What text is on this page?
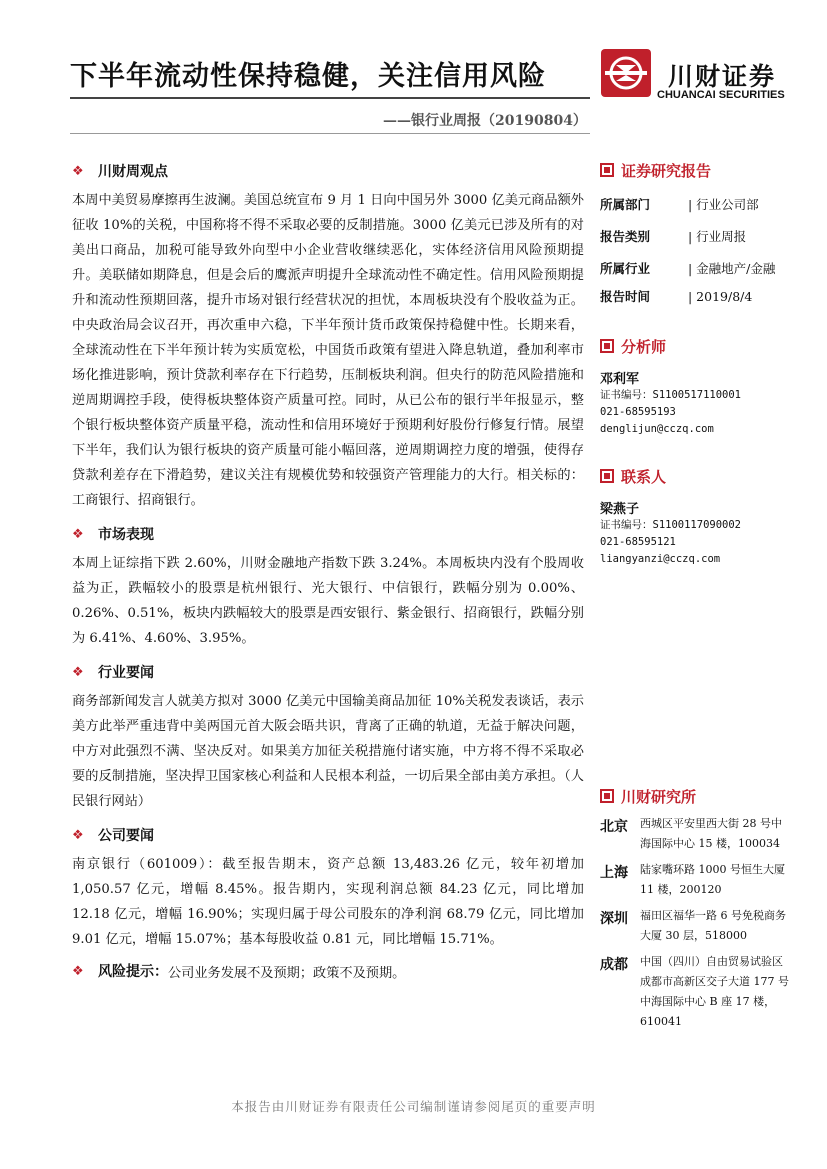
下半年流动性保持稳健，关注信用风险
——银行业周报（20190804）
川财证券
CHUANCAI SECURITIES
❖	川财周观点

本周中美贸易摩擦再生波澜。美国总统宣布 9 月 1 日向中国另外 3000 亿美元商品额外征收 10%的关税，中国称将不得不采取必要的反制措施。3000 亿美元已涉及所有的对美出口商品，加税可能导致外向型中小企业营收继续恶化，实体经济信用风险预期提升。美联储如期降息，但是会后的鹰派声明提升全球流动性不确定性。信用风险预期提升和流动性预期回落，提升市场对银行经营状况的担忧，本周板块没有个股收益为正。中央政治局会议召开，再次重申六稳，下半年预计货币政策保持稳健中性。长期来看，全球流动性在下半年预计转为实质宽松，中国货币政策有望进入降息轨道，叠加利率市场化推进影响，预计贷款利率存在下行趋势，压制板块利润。但央行的防范风险措施和逆周期调控手段，使得板块整体资产质量可控。同时，从已公布的银行半年报显示，整个银行板块整体资产质量平稳，流动性和信用环境好于预期利好股份行修复行情。展望下半年，我们认为银行板块的资产质量可能小幅回落，逆周期调控力度的增强，使得存贷款利差存在下滑趋势，建议关注有规模优势和较强资产管理能力的大行。相关标的：工商银行、招商银行。

❖	市场表现

本周上证综指下跌 2.60%，川财金融地产指数下跌 3.24%。本周板块内没有个股周收益为正，跌幅较小的股票是杭州银行、光大银行、中信银行，跌幅分别为 0.00%、0.26%、0.51%，板块内跌幅较大的股票是西安银行、紫金银行、招商银行，跌幅分别为 6.41%、4.60%、3.95%。

❖	行业要闻

商务部新闻发言人就美方拟对 3000 亿美元中国输美商品加征 10%关税发表谈话，表示美方此举严重违背中美两国元首大阪会晤共识，背离了正确的轨道，无益于解决问题，中方对此强烈不满、坚决反对。如果美方加征关税措施付诸实施，中方将不得不采取必要的反制措施，坚决捍卫国家核心利益和人民根本利益，一切后果全部由美方承担。（人民银行网站）

❖	公司要闻

南京银行（601009）：截至报告期末，资产总额 13,483.26 亿元，较年初增加 1,050.57 亿元，增幅 8.45%。报告期内，实现利润总额 84.23 亿元，同比增加 12.18 亿元，增幅 16.90%；实现归属于母公司股东的净利润 68.79 亿元，同比增加 9.01 亿元，增幅 15.07%；基本每股收益 0.81 元，同比增幅 15.71%。

❖	风险提示： 公司业务发展不及预期；政策不及预期。
证券研究报告
所属部门	| 行业公司部
报告类别	| 行业周报
所属行业	| 金融地产/金融
报告时间	| 2019/8/4
分析师
邓利军
证书编号：S1100517110001
021-68595193
denglijun@cczq.com
联系人
梁燕子
证书编号：S1100117090002
021-68595121
liangyanzi@cczq.com
川财研究所
北京	西城区平安里西大街 28 号中海国际中心 15 楼，100034
上海	陆家嘴环路 1000 号恒生大厦 11 楼，200120
深圳	福田区福华一路 6 号免税商务大厦 30 层，518000
成都	中国（四川）自由贸易试验区成都市高新区交子大道 177 号中海国际中心 B 座 17 楼，610041
本报告由川财证券有限责任公司编制谨请参阅尾页的重要声明
